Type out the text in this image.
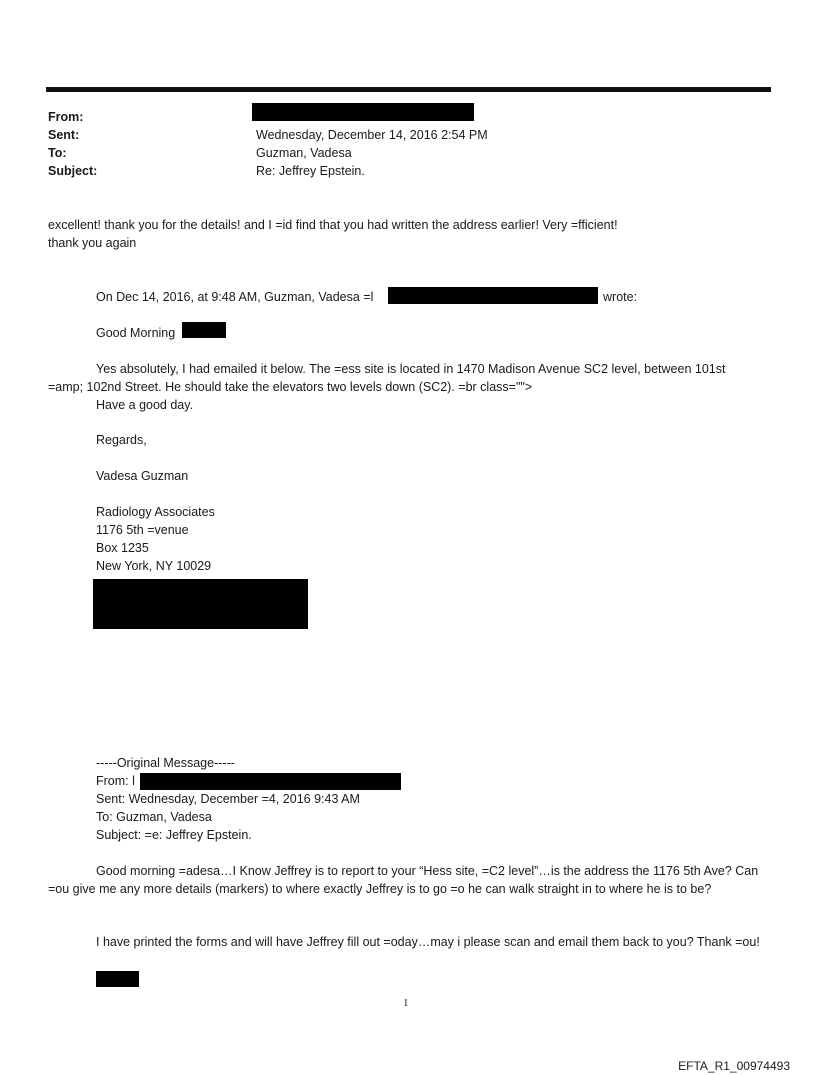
From:
Sent:	Wednesday, December 14, 2016 2:54 PM
To:	Guzman, Vadesa
Subject:	Re: Jeffrey Epstein.
excellent! thank you for the details! and I =id find that you had written the address earlier! Very =fficient!
thank you again
On Dec 14, 2016, at 9:48 AM, Guzman, Vadesa =l	wrote:
Good Morning
Yes absolutely, I had emailed it below. The =ess site is located in 1470 Madison Avenue SC2 level, between 101st
=amp; 102nd Street. He should take the elevators two levels down (SC2). =br class="">
Have a good day.
Regards,
Vadesa Guzman
Radiology Associates
1176 5th =venue
Box 1235
New York, NY 10029
-----Original Message-----
From: l
Sent: Wednesday, December =4, 2016 9:43 AM
To: Guzman, Vadesa
Subject: =e: Jeffrey Epstein.
Good morning =adesa…I Know Jeffrey is to report to your “Hess site, =C2 level”…is the address the 1176 5th Ave? Can =ou give me any more details (markers) to where exactly Jeffrey is to go =o he can walk straight in to where he is to be?
I have printed the forms and will have Jeffrey fill out =oday…may i please scan and email them back to you? Thank =ou!
1
EFTA_R1_00974493
